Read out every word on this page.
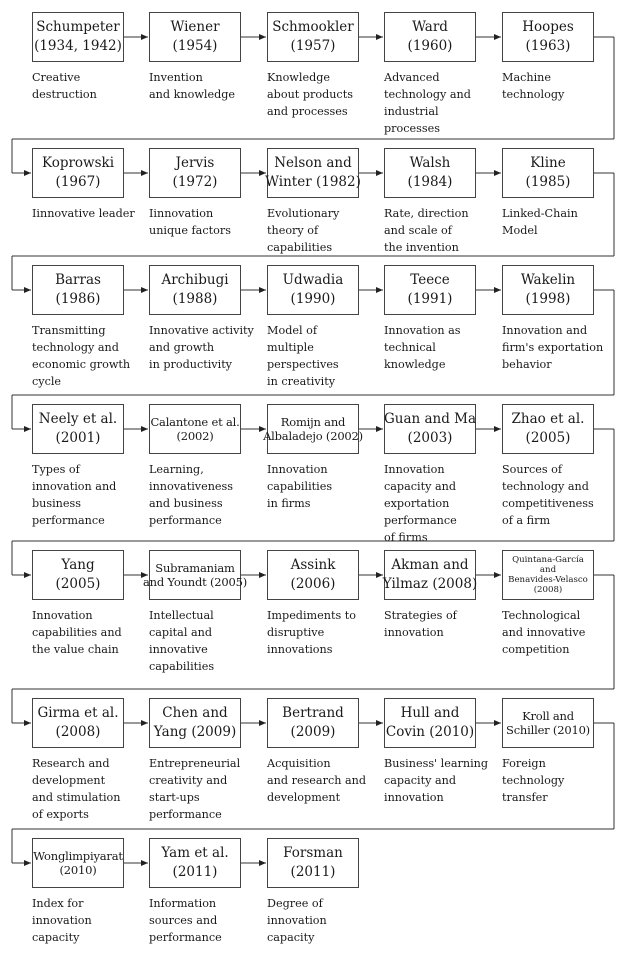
Schumpeter
(1934, 1942)
Creative
destruction
Wiener
(1954)
Invention
and knowledge
Schmookler
(1957)
Knowledge
about products
and processes
Ward
(1960)
Advanced
technology and
industrial
processes
Hoopes
(1963)
Machine
technology
Koprowski
(1967)
Iinnovative leader
Jervis
(1972)
Iinnovation
unique factors
Nelson and
Winter (1982)
Evolutionary
theory of
capabilities
Walsh
(1984)
Rate, direction
and scale of
the invention
Kline
(1985)
Linked-Chain
Model
Barras
(1986)
Transmitting
technology and
economic growth
cycle
Archibugi
(1988)
Innovative activity
and growth
in productivity
Udwadia
(1990)
Model of
multiple
perspectives
in creativity
Teece
(1991)
Innovation as
technical
knowledge
Wakelin
(1998)
Innovation and
firm's exportation
behavior
Neely et al.
(2001)
Types of
innovation and
business
performance
Calantone et al.
(2002)
Learning,
innovativeness
and business
performance
Romijn and
Albaladejo (2002)
Innovation
capabilities
in firms
Guan and Ma
(2003)
Innovation
capacity and
exportation
performance
of firms
Zhao et al.
(2005)
Sources of
technology and
competitiveness
of a firm
Yang
(2005)
Innovation
capabilities and
the value chain
Subramaniam
and Youndt (2005)
Intellectual
capital and
innovative
capabilities
Assink
(2006)
Impediments to
disruptive
innovations
Akman and
Yilmaz (2008)
Strategies of
innovation
Quintana-García
and
Benavides-Velasco
(2008)
Technological
and innovative
competition
Girma et al.
(2008)
Research and
development
and stimulation
of exports
Chen and
Yang (2009)
Entrepreneurial
creativity and
start-ups
performance
Bertrand
(2009)
Acquisition
and research and
development
Hull and
Covin (2010)
Business' learning
capacity and
innovation
Kroll and
Schiller (2010)
Foreign
technology
transfer
Wonglimpiyarat
(2010)
Index for
innovation
capacity
Yam et al.
(2011)
Information
sources and
performance
Forsman
(2011)
Degree of
innovation
capacity
